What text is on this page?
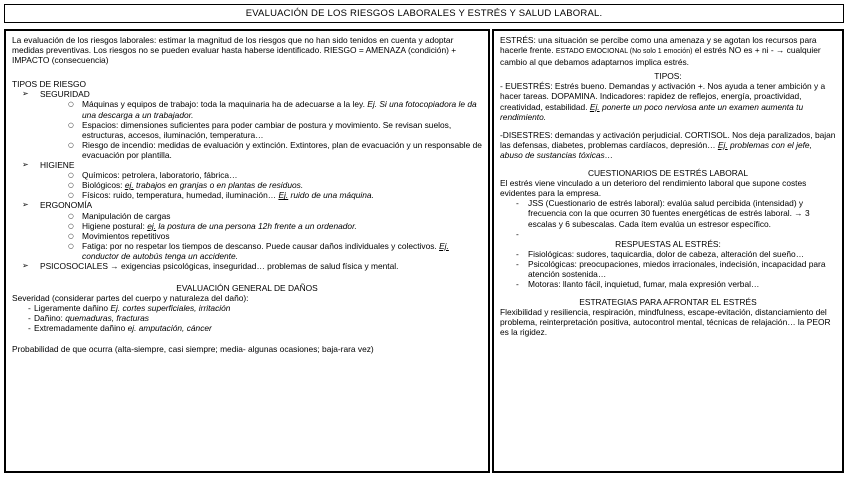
EVALUACIÓN DE LOS RIESGOS LABORALES Y ESTRÉS Y SALUD LABORAL.

La evaluación de los riesgos laborales: estimar la magnitud de los riesgos que no han sido tenidos en cuenta y adoptar medidas preventivas. Los riesgos no se pueden evaluar hasta haberse identificado. RIESGO = AMENAZA (condición) + IMPACTO (consecuencia)

TIPOS DE RIESGO

➢ SEGURIDAD
○ Máquinas y equipos de trabajo: toda la maquinaria ha de adecuarse a la ley. Ej. Si una fotocopiadora le da una descarga a un trabajador.
○ Espacios: dimensiones suficientes para poder cambiar de postura y movimiento. Se revisan suelos, estructuras, accesos, iluminación, temperatura…
○ Riesgo de incendio: medidas de evaluación y extinción. Extintores, plan de evacuación y un responsable de evacuación por plantilla.
➢ HIGIENE
○ Químicos: petrolera, laboratorio, fábrica…
○ Biológicos: ej. trabajos en granjas o en plantas de residuos.
○ Físicos: ruido, temperatura, humedad, iluminación… Ej. ruido de una máquina.
➢ ERGONOMÍA
○ Manipulación de cargas
○ Higiene postural: ej. la postura de una persona 12h frente a un ordenador.
○ Movimientos repetitivos
○ Fatiga: por no respetar los tiempos de descanso. Puede causar daños individuales y colectivos. Ej. conductor de autobús tenga un accidente.
➢ PSICOSOCIALES → exigencias psicológicas, inseguridad… problemas de salud física y mental.

EVALUACIÓN GENERAL DE DAÑOS

Severidad (considerar partes del cuerpo y naturaleza del daño):

- Ligeramente dañino Ej. cortes superficiales, irritación
- Dañino: quemaduras, fracturas
- Extremadamente dañino ej. amputación, cáncer

Probabilidad de que ocurra (alta-siempre, casi siempre; media- algunas ocasiones; baja-rara vez)

ESTRÉS: una situación se percibe como una amenaza y se agotan los recursos para hacerle frente. ESTADO EMOCIONAL (No solo 1 emoción) el estrés NO es + ni - → cualquier cambio al que debamos adaptarnos implica estrés.

TIPOS:

- EUESTRÉS: Estrés bueno. Demandas y activación +. Nos ayuda a tener ambición y a hacer tareas. DOPAMINA. Indicadores: rapidez de reflejos, energía, proactividad, creatividad, estabilidad. Ej. ponerte un poco nerviosa ante un examen aumenta tu rendimiento.

-DISESTRES: demandas y activación perjudicial. CORTISOL. Nos deja paralizados, bajan las defensas, diabetes, problemas cardíacos, depresión… Ej. problemas con el jefe, abuso de sustancias tóxicas…

CUESTIONARIOS DE ESTRÉS LABORAL

El estrés viene vinculado a un deterioro del rendimiento laboral que supone costes evidentes para la empresa.

- JSS (Cuestionario de estrés laboral): evalúa salud percibida (intensidad) y frecuencia con la que ocurren 30 fuentes energéticas de estrés laboral. → 3 escalas y 6 subescalas. Cada ítem evalúa un estresor específico.
-

RESPUESTAS AL ESTRÉS:

- Fisiológicas: sudores, taquicardia, dolor de cabeza, alteración del sueño…
- Psicológicas: preocupaciones, miedos irracionales, indecisión, incapacidad para atención sostenida…
- Motoras: llanto fácil, inquietud, fumar, mala expresión verbal…

ESTRATEGIAS PARA AFRONTAR EL ESTRÉS

Flexibilidad y resiliencia, respiración, mindfulness, escape-evitación, distanciamiento del problema, reinterpretación positiva, autocontrol mental, técnicas de relajación… la PEOR es la rigidez.
